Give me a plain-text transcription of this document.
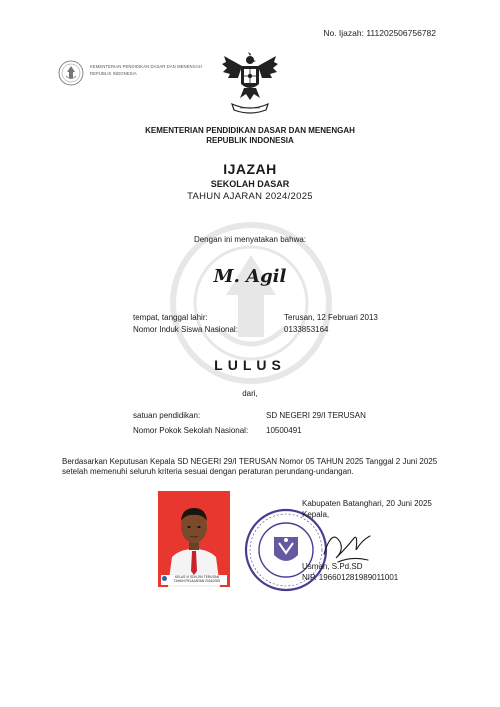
No. Ijazah: 111202506756782
KEMENTERIAN PENDIDIKAN DASAR DAN MENENGAH
REPUBLIK INDONESIA
KEMENTERIAN PENDIDIKAN DASAR DAN MENENGAH
REPUBLIK INDONESIA
IJAZAH
SEKOLAH DASAR
TAHUN AJARAN 2024/2025
Dengan ini menyatakan bahwa:
M. Agil
tempat, tanggal lahir:	Terusan, 12 Februari 2013
Nomor Induk Siswa Nasional:	0133853164
LULUS
dari,
satuan pendidikan:	SD NEGERI 29/I TERUSAN
Nomor Pokok Sekolah Nasional: 10500491
Berdasarkan Keputusan Kepala SD NEGERI 29/I TERUSAN Nomor 05 TAHUN 2025 Tanggal 2 Juni 2025 setelah memenuhi seluruh kriteria sesuai dengan peraturan perundang-undangan.
KELAS VI SDN 29/I TERUSAN
TAHUN PELAJARAN 2024/2025
Kabupaten Batanghari, 20 Juni 2025
Kepala,
Usman, S.Pd.SD
NIP. 196601281989011001
